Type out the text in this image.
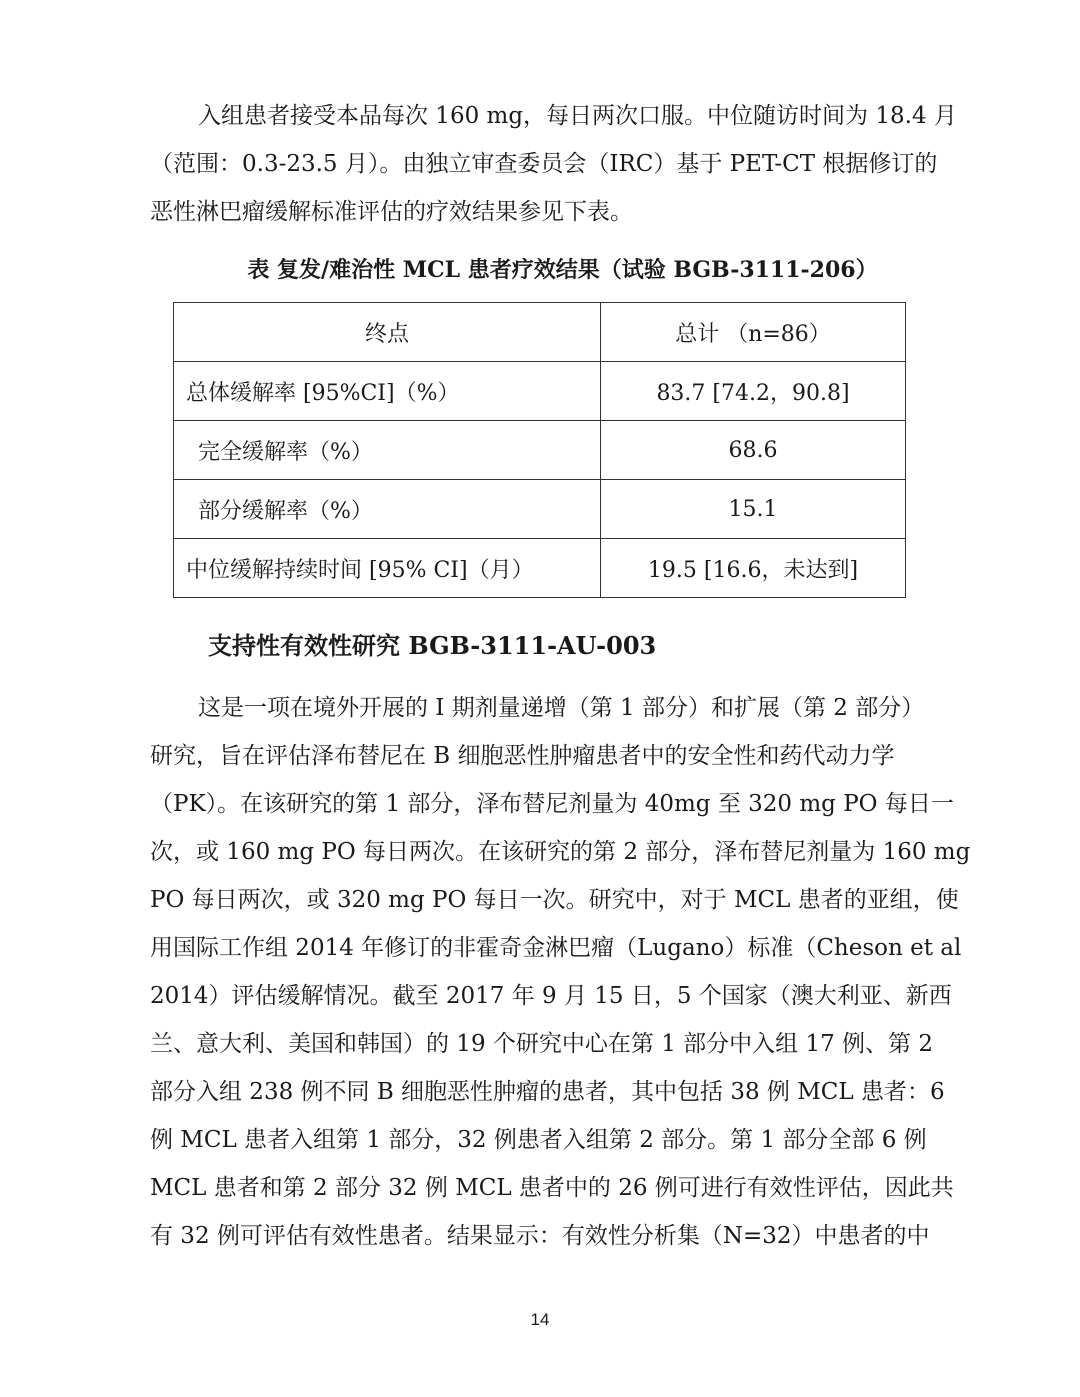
入组患者接受本品每次 160 mg，每日两次口服。中位随访时间为 18.4 月
（范围：0.3-23.5 月）。由独立审查委员会（IRC）基于 PET-CT 根据修订的
恶性淋巴瘤缓解标准评估的疗效结果参见下表。

表 复发/难治性 MCL 患者疗效结果（试验 BGB-3111-206）

终点	总计 （n=86）
总体缓解率 [95%CI]（%）	83.7 [74.2，90.8]
完全缓解率（%）	68.6
部分缓解率（%）	15.1
中位缓解持续时间 [95% CI]（月）	19.5 [16.6，未达到]
支持性有效性研究 BGB-3111-AU-003

这是一项在境外开展的 I 期剂量递增（第 1 部分）和扩展（第 2 部分）
研究，旨在评估泽布替尼在 B 细胞恶性肿瘤患者中的安全性和药代动力学
（PK）。在该研究的第 1 部分，泽布替尼剂量为 40mg 至 320 mg PO 每日一
次，或 160 mg PO 每日两次。在该研究的第 2 部分，泽布替尼剂量为 160 mg
PO 每日两次，或 320 mg PO 每日一次。研究中，对于 MCL 患者的亚组，使
用国际工作组 2014 年修订的非霍奇金淋巴瘤（Lugano）标准（Cheson et al
2014）评估缓解情况。截至 2017 年 9 月 15 日，5 个国家（澳大利亚、新西
兰、意大利、美国和韩国）的 19 个研究中心在第 1 部分中入组 17 例、第 2
部分入组 238 例不同 B 细胞恶性肿瘤的患者，其中包括 38 例 MCL 患者：6
例 MCL 患者入组第 1 部分，32 例患者入组第 2 部分。第 1 部分全部 6 例
MCL 患者和第 2 部分 32 例 MCL 患者中的 26 例可进行有效性评估，因此共
有 32 例可评估有效性患者。结果显示：有效性分析集（N=32）中患者的中

14
